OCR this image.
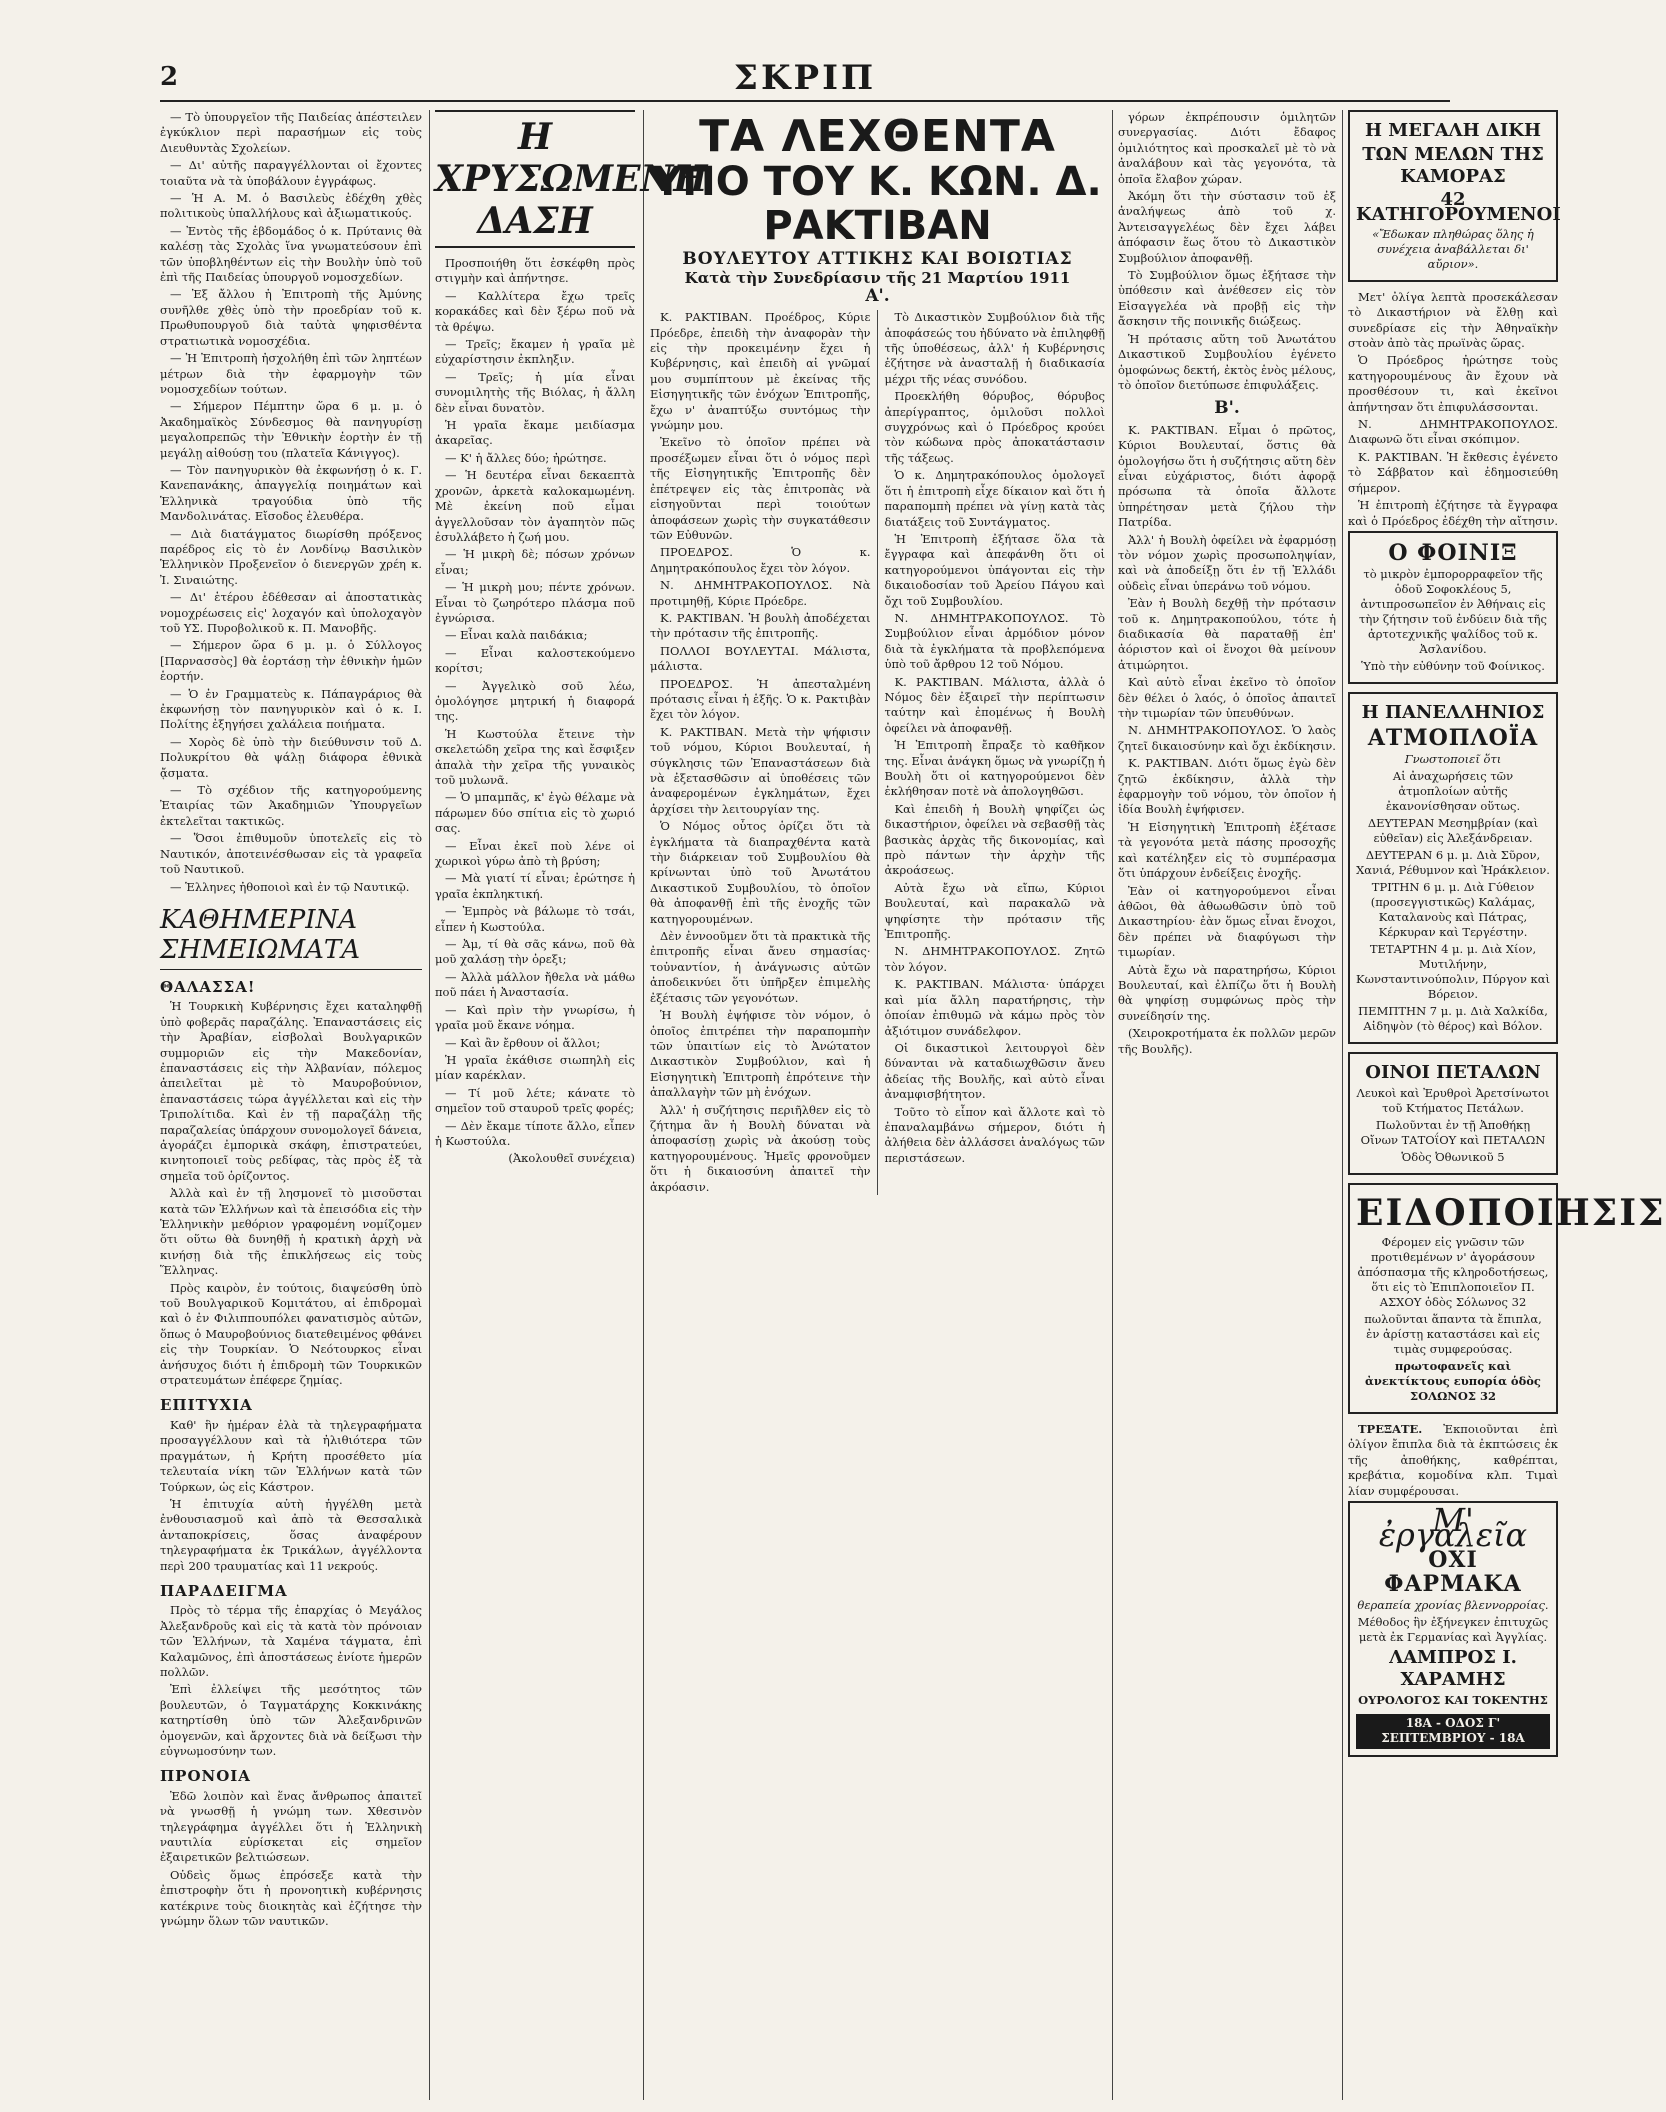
2	ΣΚΡΙΠ

— Τὸ ὑπουργεῖον τῆς Παιδείας ἀπέστειλεν ἐγκύκλιον περὶ παρασήμων εἰς τοὺς Διευθυντὰς Σχολείων.

— Δι' αὐτῆς παραγγέλλονται οἱ ἔχοντες τοιαῦτα νὰ τὰ ὑποβάλουν ἐγγράφως.

— Ἡ Α. Μ. ὁ Βασιλεὺς ἐδέχθη χθὲς πολιτικοὺς ὑπαλλήλους καὶ ἀξιωματικούς.

— Ἐντὸς τῆς ἑβδομάδος ὁ κ. Πρύτανις θὰ καλέσῃ τὰς Σχολὰς ἵνα γνωματεύσουν ἐπὶ τῶν ὑποβληθέντων εἰς τὴν Βουλὴν ὑπὸ τοῦ ἐπὶ τῆς Παιδείας ὑπουργοῦ νομοσχεδίων.

— Ἐξ ἄλλου ἡ Ἐπιτροπὴ τῆς Ἀμύνης συνῆλθε χθὲς ὑπὸ τὴν προεδρίαν τοῦ κ. Πρωθυπουργοῦ διὰ ταὐτὰ ψηφισθέντα στρατιωτικὰ νομοσχέδια.

— Ἡ Ἐπιτροπὴ ἠσχολήθη ἐπὶ τῶν ληπτέων μέτρων διὰ τὴν ἐφαρμογὴν τῶν νομοσχεδίων τούτων.

— Σήμερον Πέμπτην ὥρα 6 μ. μ. ὁ Ἀκαδημαϊκὸς Σύνδεσμος θὰ πανηγυρίσῃ μεγαλοπρεπῶς τὴν Ἐθνικὴν ἑορτὴν ἐν τῇ μεγάλῃ αἰθούσῃ του (πλατεῖα Κάνιγγος).

— Τὸν πανηγυρικὸν θὰ ἐκφωνήσῃ ὁ κ. Γ. Κανεπανάκης, ἀπαγγελίᾳ ποιημάτων καὶ Ἑλληνικὰ τραγούδια ὑπὸ τῆς Μανδολινάτας. Εἴσοδος ἐλευθέρα.

— Διὰ διατάγματος διωρίσθη πρόξενος παρέδρος εἰς τὸ ἐν Λονδίνῳ Βασιλικὸν Ἑλληνικὸν Προξενεῖον ὁ διενεργῶν χρέη κ. Ἰ. Σιναιώτης.

— Δι' ἑτέρου ἐδέθεσαν αἱ ἀποστατικὰς νομοχρέωσεις εἰς' λοχαγόν καὶ ὑπολοχαγὸν τοῦ ΥΣ. Πυροβολικοῦ κ. Π. Μανοβῆς.

— Σήμερον ὥρα 6 μ. μ. ὁ Σύλλογος [Παρνασσὸς] θὰ ἑορτάσῃ τὴν ἐθνικὴν ἡμῶν ἑορτήν.

— Ὁ ἐν Γραμματεὺς κ. Πάπαγράριος θὰ ἐκφωνήσῃ τὸν πανηγυρικὸν καὶ ὁ κ. Ι. Πολίτης ἐξηγήσει χαλάλεια ποιήματα.

— Χορὸς δὲ ὑπὸ τὴν διεύθυνσιν τοῦ Δ. Πολυκρίτου θὰ ψάλῃ διάφορα ἐθνικὰ ᾄσματα.

— Τὸ σχέδιον τῆς κατηγορούμενης Ἐταιρίας τῶν Ἀκαδημιῶν Ὑπουργεῖων ἐκτελεῖται τακτικῶς.

— Ὅσοι ἐπιθυμοῦν ὑποτελεῖς εἰς τὸ Ναυτικόν, ἀποτεινέσθωσαν εἰς τὰ γραφεῖα τοῦ Ναυτικοῦ.

— Ἑλληνες ἠθοποιοὶ καὶ ἐν τῷ Ναυτικῷ.

ΚΑΘΗΜΕΡΙΝΑ ΣΗΜΕΙΩΜΑΤΑ
ΘΑΛΑΣΣΑ!

Ἡ Τουρκικὴ Κυβέρνησις ἔχει καταληφθῇ ὑπὸ φοβερᾶς παραζάλης. Ἐπαναστάσεις εἰς τὴν Ἀραβίαν, εἰσβολαὶ Βουλγαρικῶν συμμοριῶν εἰς τὴν Μακεδονίαν, ἐπαναστάσεις εἰς τὴν Ἀλβανίαν, πόλεμος ἀπειλεῖται μὲ τὸ Μαυροβούνιον, ἐπαναστάσεις τώρα ἀγγέλλεται καὶ εἰς τὴν Τριπολίτιδα. Καὶ ἐν τῇ παραζάλῃ τῆς παραζαλείας ὑπάρχουν συνομολογεῖ δάνεια, ἀγοράζει ἐμπορικὰ σκάφη, ἐπιστρατεύει, κινητοποιεῖ τοὺς ρεδίφας, τὰς πρὸς ἐξ τὰ σημεῖα τοῦ ὁρίζοντος.

Ἀλλὰ καὶ ἐν τῇ λησμονεῖ τὸ μισοῦσται κατὰ τῶν Ἑλλήνων καὶ τὰ ἐπεισόδια εἰς τὴν Ἑλληνικὴν μεθόριον γραφομένη νομίζομεν ὅτι οὕτω θὰ δυνηθῇ ἡ κρατικὴ ἀρχὴ νὰ κινήσῃ διὰ τῆς ἐπικλήσεως εἰς τοὺς Ἕλληνας.

Πρὸς καιρὸν, ἐν τούτοις, διαψεύσθη ὑπὸ τοῦ Βουλγαρικοῦ Κομιτάτου, αἱ ἐπιδρομαὶ καὶ ὁ ἐν Φιλιππουπόλει φανατισμὸς αὐτῶν, ὅπως ὁ Μαυροβούνιος διατεθειμένος φθάνει εἰς τὴν Τουρκίαν. Ὁ Νεότουρκος εἶναι ἀνήσυχος διότι ἡ ἐπιδρομὴ τῶν Τουρκικῶν στρατευμάτων ἐπέφερε ζημίας.

ΕΠΙΤΥΧΙΑ

Καθ' ἣν ἡμέραν ἐλὰ τὰ τηλεγραφήματα προσαγγέλλουν καὶ τὰ ἠλιθιότερα τῶν πραγμάτων, ἡ Κρήτη προσέθετο μία τελευταία νίκη τῶν Ἑλλήνων κατὰ τῶν Τούρκων, ὡς εἰς Κάστρον.

Ἡ ἐπιτυχία αὐτὴ ἠγγέλθη μετὰ ἐνθουσιασμοῦ καὶ ἀπὸ τὰ Θεσσαλικὰ ἀνταποκρίσεις, ὅσας ἀναφέρουν τηλεγραφήματα ἐκ Τρικάλων, ἀγγέλλοντα περὶ 200 τραυματίας καὶ 11 νεκρούς.

ΠΑΡΑΔΕΙΓΜΑ

Πρὸς τὸ τέρμα τῆς ἐπαρχίας ὁ Μεγάλος Ἀλεξανδροῦς καὶ εἰς τὰ κατὰ τὸν πρόνοιαν τῶν Ἑλλήνων, τὰ Χαμένα τάγματα, ἐπὶ Καλαμῶνος, ἐπὶ ἀποστάσεως ἐνίοτε ἡμερῶν πολλῶν.

Ἐπὶ ἐλλείψει τῆς μεσότητος τῶν βουλευτῶν, ὁ Ταγματάρχης Κοκκινάκης κατηρτίσθη ὑπὸ τῶν Ἀλεξανδρινῶν ὁμογενῶν, καὶ ἄρχοντες διὰ νὰ δείξωσι τὴν εὐγνωμοσύνην των.

ΠΡΟΝΟΙΑ

Ἐδῶ λοιπὸν καὶ ἕνας ἄνθρωπος ἀπαιτεῖ νὰ γνωσθῇ ἡ γνώμη των. Χθεσινὸν τηλεγράφημα ἀγγέλλει ὅτι ἡ Ἑλληνικὴ ναυτιλία εὑρίσκεται εἰς σημεῖον ἐξαιρετικῶν βελτιώσεων.

Οὐδεὶς ὅμως ἐπρόσεξε κατὰ τὴν ἐπιστροφὴν ὅτι ἡ προνοητικὴ κυβέρνησις κατέκρινε τοὺς διοικητὰς καὶ ἐζήτησε τὴν γνώμην ὅλων τῶν ναυτικῶν.

Η ΧΡΥΣΩΜΕΝΗ ΔΑΣΗ

Προσποιήθη ὅτι ἐσκέφθη πρὸς στιγμὴν καὶ ἀπήντησε.

— Καλλίτερα ἔχω τρεῖς κορακάδες καὶ δὲν ξέρω ποῦ νὰ τὰ θρέψω.

— Τρεῖς; ἔκαμεν ἡ γραῖα μὲ εὐχαρίστησιν ἐκπληξιν.

— Τρεῖς; ἡ μία εἶναι συνομιλητὴς τῆς Βιόλας, ἡ ἄλλη δὲν εἶναι δυνατὸν.

Ἡ γραῖα ἔκαμε μειδίασμα ἀκαρεῖας.

— Κ' ἡ ἄλλες δύο; ἠρώτησε.

— Ἡ δευτέρα εἶναι δεκαεπτὰ χρονῶν, ἀρκετὰ καλοκαμωμένη. Μὲ ἐκείνη ποῦ εἶμαι ἀγγελλοῦσαν τὸν ἀγαπητὸν πῶς ἑσυλλάβετο ἡ ζωή μου.

— Ἡ μικρὴ δὲ; πόσων χρόνων εἶναι;

— Ἡ μικρὴ μου; πέντε χρόνων. Εἶναι τὸ ζωηρότερο πλάσμα ποῦ ἐγνώρισα.

— Εἶναι καλὰ παιδάκια;

— Εἶναι καλοστεκούμενο κορίτσι;

— Ἀγγελικὸ σοῦ λέω, ὁμολόγησε μητρική ἡ διαφορά της.

Ἡ Κωστούλα ἔτεινε τὴν σκελετώδη χεῖρα της καὶ ἔσφιξεν ἀπαλὰ τὴν χεῖρα τῆς γυναικὸς τοῦ μυλωνᾶ.

— Ὁ μπαμπᾶς, κ' ἐγὼ θέλαμε νὰ πάρωμεν δύο σπίτια εἰς τὸ χωριό σας.

— Εἶναι ἐκεῖ ποὺ λένε οἱ χωρικοὶ γύρω ἀπὸ τὴ βρύση;

— Μὰ γιατί τί εἶναι; ἐρώτησε ἡ γραῖα ἐκπληκτική.

— Ἐμπρὸς νὰ βάλωμε τὸ τσάι, εἶπεν ἡ Κωστούλα.

— Ἀμ, τί θὰ σᾶς κάνω, ποῦ θὰ μοῦ χαλάσῃ τὴν ὀρεξι;

— Ἀλλὰ μάλλον ἤθελα νὰ μάθω ποῦ πάει ἡ Ἀναστασία.

— Καὶ πρὶν τὴν γνωρίσω, ἡ γραῖα μοῦ ἔκανε νόημα.

— Καὶ ἂν ἔρθουν οἱ ἄλλοι;

Ἡ γραῖα ἐκάθισε σιωπηλὴ εἰς μίαν καρέκλαν.

— Τί μοῦ λέτε; κάνατε τὸ σημεῖον τοῦ σταυροῦ τρεῖς φορές;

— Δὲν ἔκαμε τίποτε ἄλλο, εἶπεν ἡ Κωστούλα.

(Ἀκολουθεῖ συνέχεια)

ΤΑ ΛΕΧΘΕΝΤΑ
ΥΠΟ ΤΟΥ Κ. ΚΩΝ. Δ. ΡΑΚΤΙΒΑΝ
ΒΟΥΛΕΥΤΟΥ ΑΤΤΙΚΗΣ ΚΑΙ ΒΟΙΩΤΙΑΣ
Κατὰ τὴν Συνεδρίασιν τῆς 21 Μαρτίου 1911
Α'.

Κ. ΡΑΚΤΙΒΑΝ. Προέδρος, Κύριε Πρόεδρε, ἐπειδὴ τὴν ἀναφορὰν τὴν εἰς τὴν προκειμένην ἔχει ἡ Κυβέρνησις, καὶ ἐπειδὴ αἱ γνῶμαί μου συμπίπτουν μὲ ἐκείνας τῆς Εἰσηγητικῆς τῶν ἐνόχων Ἐπιτροπῆς, ἔχω ν' ἀναπτύξω συντόμως τὴν γνώμην μου.

Ἐκεῖνο τὸ ὁποῖον πρέπει νὰ προσέξωμεν εἶναι ὅτι ὁ νόμος περὶ τῆς Εἰσηγητικῆς Ἐπιτροπῆς δὲν ἐπέτρεψεν εἰς τὰς ἐπιτροπὰς νὰ εἰσηγοῦνται περὶ τοιούτων ἀποφάσεων χωρὶς τὴν συγκατάθεσιν τῶν Εὐθυνῶν.

ΠΡΟΕΔΡΟΣ. Ὁ κ. Δημητρακόπουλος ἔχει τὸν λόγον.

Ν. ΔΗΜΗΤΡΑΚΟΠΟΥΛΟΣ. Νὰ προτιμηθῇ, Κύριε Πρόεδρε.

Κ. ΡΑΚΤΙΒΑΝ. Ἡ βουλὴ ἀποδέχεται τὴν πρότασιν τῆς ἐπιτροπῆς.

ΠΟΛΛΟΙ ΒΟΥΛΕΥΤΑΙ. Μάλιστα, μάλιστα.

ΠΡΟΕΔΡΟΣ. Ἡ ἀπεσταλμένη πρότασις εἶναι ἡ ἑξῆς. Ὁ κ. Ρακτιβὰν ἔχει τὸν λόγον.

Κ. ΡΑΚΤΙΒΑΝ. Μετὰ τὴν ψήφισιν τοῦ νόμου, Κύριοι Βουλευταί, ἡ σύγκλησις τῶν Ἐπαναστάσεων διὰ νὰ ἐξετασθῶσιν αἱ ὑποθέσεις τῶν ἀναφερομένων ἐγκλημάτων, ἔχει ἀρχίσει τὴν λειτουργίαν της.

Ὁ Νόμος οὗτος ὁρίζει ὅτι τὰ ἐγκλήματα τὰ διαπραχθέντα κατὰ τὴν διάρκειαν τοῦ Συμβουλίου θὰ κρίνωνται ὑπὸ τοῦ Ἀνωτάτου Δικαστικοῦ Συμβουλίου, τὸ ὁποῖον θὰ ἀποφανθῇ ἐπὶ τῆς ἐνοχῆς τῶν κατηγορουμένων.

Δὲν ἐννοοῦμεν ὅτι τὰ πρακτικὰ τῆς ἐπιτροπῆς εἶναι ἄνευ σημασίας· τοὐναντίον, ἡ ἀνάγνωσις αὐτῶν ἀποδεικνύει ὅτι ὑπῆρξεν ἐπιμελὴς ἐξέτασις τῶν γεγονότων.

Ἡ Βουλὴ ἐψήφισε τὸν νόμον, ὁ ὁποῖος ἐπιτρέπει τὴν παραπομπὴν τῶν ὑπαιτίων εἰς τὸ Ἀνώτατον Δικαστικὸν Συμβούλιον, καὶ ἡ Εἰσηγητικὴ Ἐπιτροπὴ ἐπρότεινε τὴν ἀπαλλαγὴν τῶν μὴ ἐνόχων.

Ἀλλ' ἡ συζήτησις περιῆλθεν εἰς τὸ ζήτημα ἂν ἡ Βουλὴ δύναται νὰ ἀποφασίσῃ χωρὶς νὰ ἀκούσῃ τοὺς κατηγορουμένους. Ἡμεῖς φρονοῦμεν ὅτι ἡ δικαιοσύνη ἀπαιτεῖ τὴν ἀκρόασιν.

Τὸ Δικαστικὸν Συμβούλιον διὰ τῆς ἀποφάσεώς του ἠδύνατο νὰ ἐπιληφθῇ τῆς ὑποθέσεως, ἀλλ' ἡ Κυβέρνησις ἐζήτησε νὰ ἀνασταλῇ ἡ διαδικασία μέχρι τῆς νέας συνόδου.

Προεκλήθη θόρυβος, θόρυβος ἀπερίγραπτος, ὁμιλοῦσι πολλοὶ συγχρόνως καὶ ὁ Πρόεδρος κρούει τὸν κώδωνα πρὸς ἀποκατάστασιν τῆς τάξεως.

Ὁ κ. Δημητρακόπουλος ὁμολογεῖ ὅτι ἡ ἐπιτροπὴ εἶχε δίκαιον καὶ ὅτι ἡ παραπομπὴ πρέπει νὰ γίνῃ κατὰ τὰς διατάξεις τοῦ Συντάγματος.

Ἡ Ἐπιτροπὴ ἐξήτασε ὅλα τὰ ἔγγραφα καὶ ἀπεφάνθη ὅτι οἱ κατηγορούμενοι ὑπάγονται εἰς τὴν δικαιοδοσίαν τοῦ Ἀρείου Πάγου καὶ ὄχι τοῦ Συμβουλίου.

Ν. ΔΗΜΗΤΡΑΚΟΠΟΥΛΟΣ. Τὸ Συμβούλιον εἶναι ἁρμόδιον μόνον διὰ τὰ ἐγκλήματα τὰ προβλεπόμενα ὑπὸ τοῦ ἄρθρου 12 τοῦ Νόμου.

Κ. ΡΑΚΤΙΒΑΝ. Μάλιστα, ἀλλὰ ὁ Νόμος δὲν ἐξαιρεῖ τὴν περίπτωσιν ταύτην καὶ ἐπομένως ἡ Βουλὴ ὀφείλει νὰ ἀποφανθῇ.

Ἡ Ἐπιτροπὴ ἔπραξε τὸ καθῆκον της. Εἶναι ἀνάγκη ὅμως νὰ γνωρίζῃ ἡ Βουλὴ ὅτι οἱ κατηγορούμενοι δὲν ἐκλήθησαν ποτὲ νὰ ἀπολογηθῶσι.

Καὶ ἐπειδὴ ἡ Βουλὴ ψηφίζει ὡς δικαστήριον, ὀφείλει νὰ σεβασθῇ τὰς βασικὰς ἀρχὰς τῆς δικονομίας, καὶ πρὸ πάντων τὴν ἀρχὴν τῆς ἀκροάσεως.

Αὐτὰ ἔχω νὰ εἴπω, Κύριοι Βουλευταί, καὶ παρακαλῶ νὰ ψηφίσητε τὴν πρότασιν τῆς Ἐπιτροπῆς.

Ν. ΔΗΜΗΤΡΑΚΟΠΟΥΛΟΣ. Ζητῶ τὸν λόγον.

Κ. ΡΑΚΤΙΒΑΝ. Μάλιστα· ὑπάρχει καὶ μία ἄλλη παρατήρησις, τὴν ὁποίαν ἐπιθυμῶ νὰ κάμω πρὸς τὸν ἀξιότιμον συνάδελφον.

Οἱ δικαστικοὶ λειτουργοὶ δὲν δύνανται νὰ καταδιωχθῶσιν ἄνευ ἀδείας τῆς Βουλῆς, καὶ αὐτὸ εἶναι ἀναμφισβήτητον.

Τοῦτο τὸ εἶπον καὶ ἄλλοτε καὶ τὸ ἐπαναλαμβάνω σήμερον, διότι ἡ ἀλήθεια δὲν ἀλλάσσει ἀναλόγως τῶν περιστάσεων.

γόρων ἐκπρέπουσιν ὁμιλητῶν συνεργασίας. Διότι ἔδαφος ὁμιλιότητος καὶ προσκαλεῖ μὲ τὸ νὰ ἀναλάβουν καὶ τὰς γεγονότα, τὰ ὁποῖα ἔλαβον χώραν.

Ἀκόμη ὅτι τὴν σύστασιν τοῦ ἐξ ἀναλήψεως ἀπὸ τοῦ χ. Ἀντεισαγγελέως δὲν ἔχει λάβει ἀπόφασιν ἕως ὅτου τὸ Δικαστικὸν Συμβούλιον ἀποφανθῇ.

Τὸ Συμβούλιον ὅμως ἐξήτασε τὴν ὑπόθεσιν καὶ ἀνέθεσεν εἰς τὸν Εἰσαγγελέα νὰ προβῇ εἰς τὴν ἄσκησιν τῆς ποινικῆς διώξεως.

Ἡ πρότασις αὕτη τοῦ Ἀνωτάτου Δικαστικοῦ Συμβουλίου ἐγένετο ὁμοφώνως δεκτή, ἐκτὸς ἑνὸς μέλους, τὸ ὁποῖον διετύπωσε ἐπιφυλάξεις.

Β'.

Κ. ΡΑΚΤΙΒΑΝ. Εἶμαι ὁ πρῶτος, Κύριοι Βουλευταί, ὅστις θὰ ὁμολογήσω ὅτι ἡ συζήτησις αὕτη δὲν εἶναι εὐχάριστος, διότι ἀφορᾷ πρόσωπα τὰ ὁποῖα ἄλλοτε ὑπηρέτησαν μετὰ ζήλου τὴν Πατρίδα.

Ἀλλ' ἡ Βουλὴ ὀφείλει νὰ ἐφαρμόσῃ τὸν νόμον χωρὶς προσωποληψίαν, καὶ νὰ ἀποδείξῃ ὅτι ἐν τῇ Ἑλλάδι οὐδεὶς εἶναι ὑπεράνω τοῦ νόμου.

Ἐὰν ἡ Βουλὴ δεχθῇ τὴν πρότασιν τοῦ κ. Δημητρακοπούλου, τότε ἡ διαδικασία θὰ παραταθῇ ἐπ' ἀόριστον καὶ οἱ ἔνοχοι θὰ μείνουν ἀτιμώρητοι.

Καὶ αὐτὸ εἶναι ἐκεῖνο τὸ ὁποῖον δὲν θέλει ὁ λαός, ὁ ὁποῖος ἀπαιτεῖ τὴν τιμωρίαν τῶν ὑπευθύνων.

Ν. ΔΗΜΗΤΡΑΚΟΠΟΥΛΟΣ. Ὁ λαὸς ζητεῖ δικαιοσύνην καὶ ὄχι ἐκδίκησιν.

Κ. ΡΑΚΤΙΒΑΝ. Διότι ὅμως ἐγὼ δὲν ζητῶ ἐκδίκησιν, ἀλλὰ τὴν ἐφαρμογὴν τοῦ νόμου, τὸν ὁποῖον ἡ ἰδία Βουλὴ ἐψήφισεν.

Ἡ Εἰσηγητικὴ Ἐπιτροπὴ ἐξέτασε τὰ γεγονότα μετὰ πάσης προσοχῆς καὶ κατέληξεν εἰς τὸ συμπέρασμα ὅτι ὑπάρχουν ἐνδείξεις ἐνοχῆς.

Ἐὰν οἱ κατηγορούμενοι εἶναι ἀθῶοι, θὰ ἀθωωθῶσιν ὑπὸ τοῦ Δικαστηρίου· ἐὰν ὅμως εἶναι ἔνοχοι, δὲν πρέπει νὰ διαφύγωσι τὴν τιμωρίαν.

Αὐτὰ ἔχω νὰ παρατηρήσω, Κύριοι Βουλευταί, καὶ ἐλπίζω ὅτι ἡ Βουλὴ θὰ ψηφίσῃ συμφώνως πρὸς τὴν συνείδησίν της.

(Χειροκροτήματα ἐκ πολλῶν μερῶν τῆς Βουλῆς).

Η ΜΕΓΑΛΗ ΔΙΚΗ
ΤΩΝ ΜΕΛΩΝ ΤΗΣ ΚΑΜΟΡΑΣ
42 ΚΑΤΗΓΟΡΟΥΜΕΝΟΙ

«Ἔδωκαν πληθώρας ὅλης ἡ συνέχεια ἀναβάλλεται δι' αὔριον».

Μετ' ὀλίγα λεπτὰ προσεκάλεσαν τὸ Δικαστήριον νὰ ἔλθῃ καὶ συνεδρίασε εἰς τὴν Ἀθηναϊκὴν στοὰν ἀπὸ τὰς πρωϊνὰς ὥρας.

Ὁ Πρόεδρος ἠρώτησε τοὺς κατηγορουμένους ἂν ἔχουν νὰ προσθέσουν τι, καὶ ἐκεῖνοι ἀπήντησαν ὅτι ἐπιφυλάσσονται.

Ν. ΔΗΜΗΤΡΑΚΟΠΟΥΛΟΣ. Διαφωνῶ ὅτι εἶναι σκόπιμον.

Κ. ΡΑΚΤΙΒΑΝ. Ἡ ἔκθεσις ἐγένετο τὸ Σάββατον καὶ ἐδημοσιεύθη σήμερον.

Ἡ ἐπιτροπὴ ἐζήτησε τὰ ἔγγραφα καὶ ὁ Πρόεδρος ἐδέχθη τὴν αἴτησιν.

Ο ΦΟΙΝΙΞ

τὸ μικρὸν ἐμπορορραφεῖον τῆς ὁδοῦ Σοφοκλέους 5, ἀντιπροσωπεῖον ἐν Ἀθήναις εἰς τὴν ζήτησιν τοῦ ἐνδύειν διὰ τῆς ἀρτοτεχνικῆς ψαλίδος τοῦ κ. Ἀσλανίδου.

Ὑπὸ τὴν εὐθύνην τοῦ Φοίνικος.

Η ΠΑΝΕΛΛΗΝΙΟΣ
ΑΤΜΟΠΛΟΪΑ

Γνωστοποιεῖ ὅτι

Αἱ ἀναχωρήσεις τῶν ἀτμοπλοίων αὐτῆς ἐκανονίσθησαν οὕτως.

ΔΕΥΤΕΡΑΝ Μεσημβρίαν (καὶ εὐθεῖαν) εἰς Ἀλεξάνδρειαν.

ΔΕΥΤΕΡΑΝ 6 μ. μ. Διὰ Σῦρον, Χανιά, Ρέθυμνον καὶ Ἡράκλειον.

ΤΡΙΤΗΝ 6 μ. μ. Διὰ Γύθειον (προσεγγιστικῶς) Καλάμας, Καταλανοὺς καὶ Πάτρας, Κέρκυραν καὶ Τεργέστην.

ΤΕΤΑΡΤΗΝ 4 μ. μ. Διὰ Χίον, Μυτιλήνην, Κωνσταντινούπολιν, Πύργον καὶ Βόρειον.

ΠΕΜΠΤΗΝ 7 μ. μ. Διὰ Χαλκίδα, Αἰδηψὸν (τὸ θέρος) καὶ Βόλον.

ΟΙΝΟΙ ΠΕΤΑΛΩΝ

Λευκοὶ καὶ Ἐρυθροὶ Ἀρετσίνωτοι τοῦ Κτήματος Πετάλων.

Πωλοῦνται ἐν τῇ Ἀποθήκῃ Οἴνων ΤΑΤΟΐΟΥ καὶ ΠΕΤΑΛΩΝ

Ὁδὸς Ὀθωνικοῦ 5

ΕΙΔΟΠΟΙΗΣΙΣ

Φέρομεν εἰς γνῶσιν τῶν προτιθεμένων ν' ἀγοράσουν ἀπόσπασμα τῆς κληροδοτήσεως, ὅτι εἰς τὸ Ἐπιπλοποιεῖον Π. ΑΣΧΟΥ ὁδὸς Σόλωνος 32

πωλοῦνται ἅπαντα τὰ ἔπιπλα, ἐν ἀρίστῃ καταστάσει καὶ εἰς τιμὰς συμφερούσας.

πρωτοφανεῖς καὶ ἀνεκτίκτους ευπορία ὁδὸς ΣΟΛΩΝΟΣ 32

ΤΡΕΞΑΤΕ. Ἐκποιοῦνται ἐπὶ ὀλίγον ἔπιπλα διὰ τὰ ἐκπτώσεις ἐκ τῆς ἀποθήκης, καθρέπται, κρεβάτια, κομοδίνα κλπ. Τιμαὶ λίαν συμφέρουσαι.

Μ' ἐργαλεῖα
ΟΧΙ ΦΑΡΜΑΚΑ

θεραπεία χρονίας βλεννορροίας.

Μέθοδος ἣν ἐξήνεγκεν ἐπιτυχῶς μετὰ ἐκ Γερμανίας καὶ Ἀγγλίας.

ΛΑΜΠΡΟΣ Ι. ΧΑΡΑΜΗΣ

ΟΥΡΟΛΟΓΟΣ ΚΑΙ ΤΟΚΕΝΤΗΣ

18Α - ΟΔΟΣ Γ' ΣΕΠΤΕΜΒΡΙΟΥ - 18Α
